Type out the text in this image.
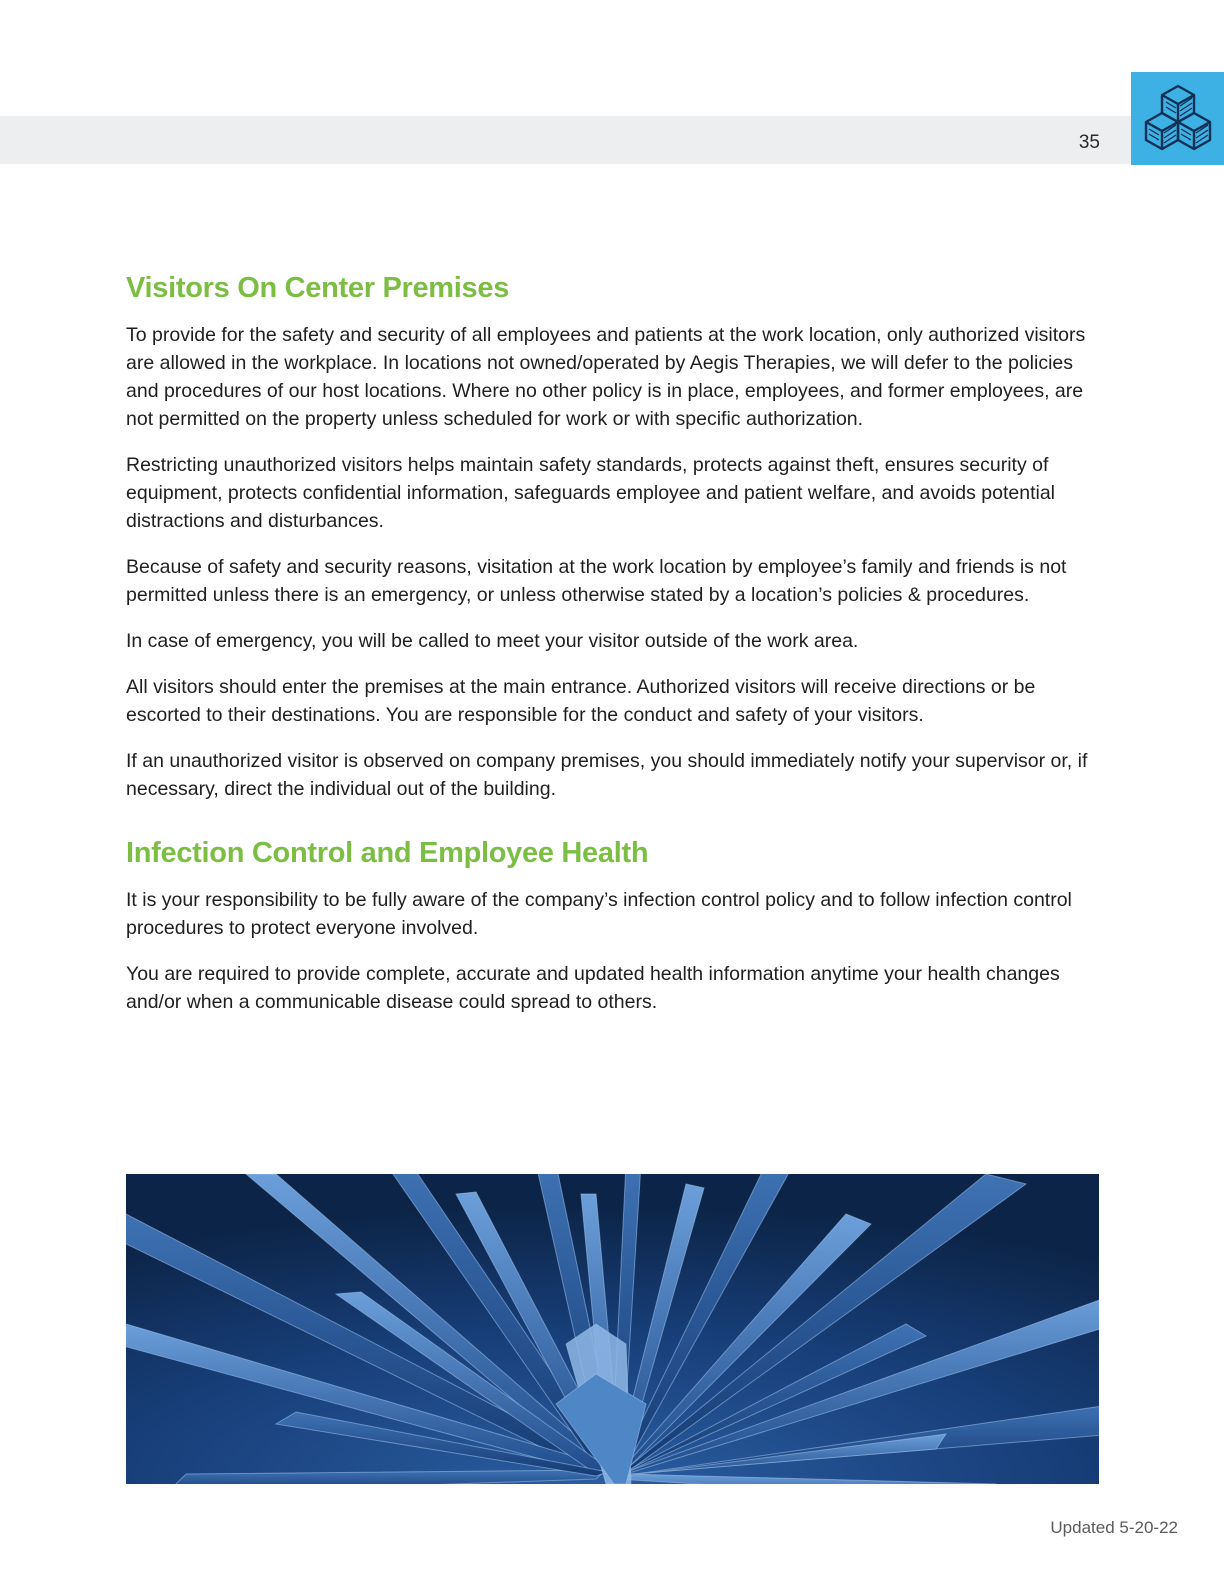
35
Visitors On Center Premises

To provide for the safety and security of all employees and patients at the work location, only authorized visitors are allowed in the workplace. In locations not owned/operated by Aegis Therapies, we will defer to the policies and procedures of our host locations. Where no other policy is in place, employees, and former employees, are not permitted on the property unless scheduled for work or with specific authorization.

Restricting unauthorized visitors helps maintain safety standards, protects against theft, ensures security of equipment, protects confidential information, safeguards employee and patient welfare, and avoids potential distractions and disturbances.

Because of safety and security reasons, visitation at the work location by employee’s family and friends is not permitted unless there is an emergency, or unless otherwise stated by a location’s policies & procedures.

In case of emergency, you will be called to meet your visitor outside of the work area.

All visitors should enter the premises at the main entrance. Authorized visitors will receive directions or be escorted to their destinations. You are responsible for the conduct and safety of your visitors.

If an unauthorized visitor is observed on company premises, you should immediately notify your supervisor or, if necessary, direct the individual out of the building.

Infection Control and Employee Health

It is your responsibility to be fully aware of the company’s infection control policy and to follow infection control procedures to protect everyone involved.

You are required to provide complete, accurate and updated health information anytime your health changes and/or when a communicable disease could spread to others.

Updated 5-20-22
